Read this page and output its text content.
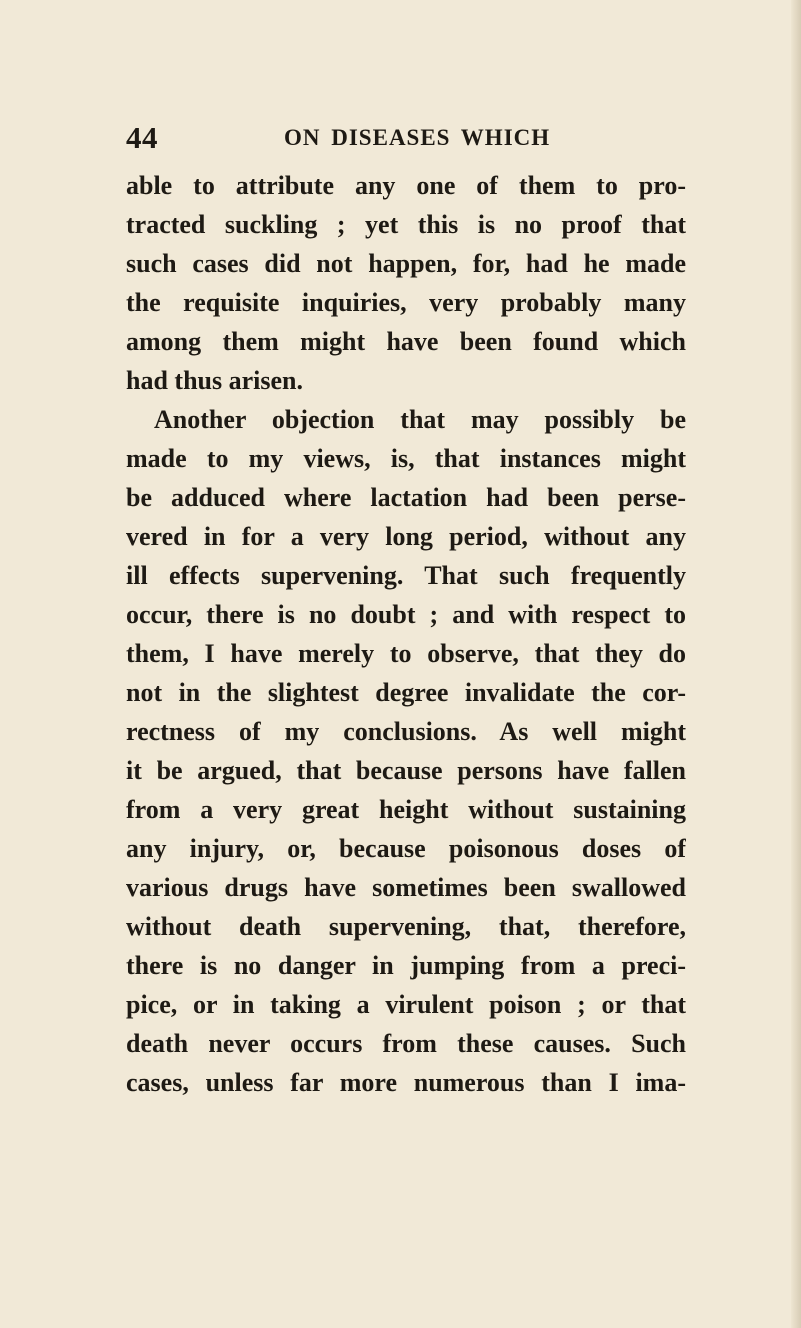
44	ON DISEASES WHICH
able to attribute any one of them to pro-
tracted suckling ; yet this is no proof that
such cases did not happen, for, had he made
the requisite inquiries, very probably many
among them might have been found which
had thus arisen.
Another objection that may possibly be
made to my views, is, that instances might
be adduced where lactation had been perse-
vered in for a very long period, without any
ill effects supervening. That such frequently
occur, there is no doubt ; and with respect to
them, I have merely to observe, that they do
not in the slightest degree invalidate the cor-
rectness of my conclusions. As well might
it be argued, that because persons have fallen
from a very great height without sustaining
any injury, or, because poisonous doses of
various drugs have sometimes been swallowed
without death supervening, that, therefore,
there is no danger in jumping from a preci-
pice, or in taking a virulent poison ; or that
death never occurs from these causes. Such
cases, unless far more numerous than I ima-
